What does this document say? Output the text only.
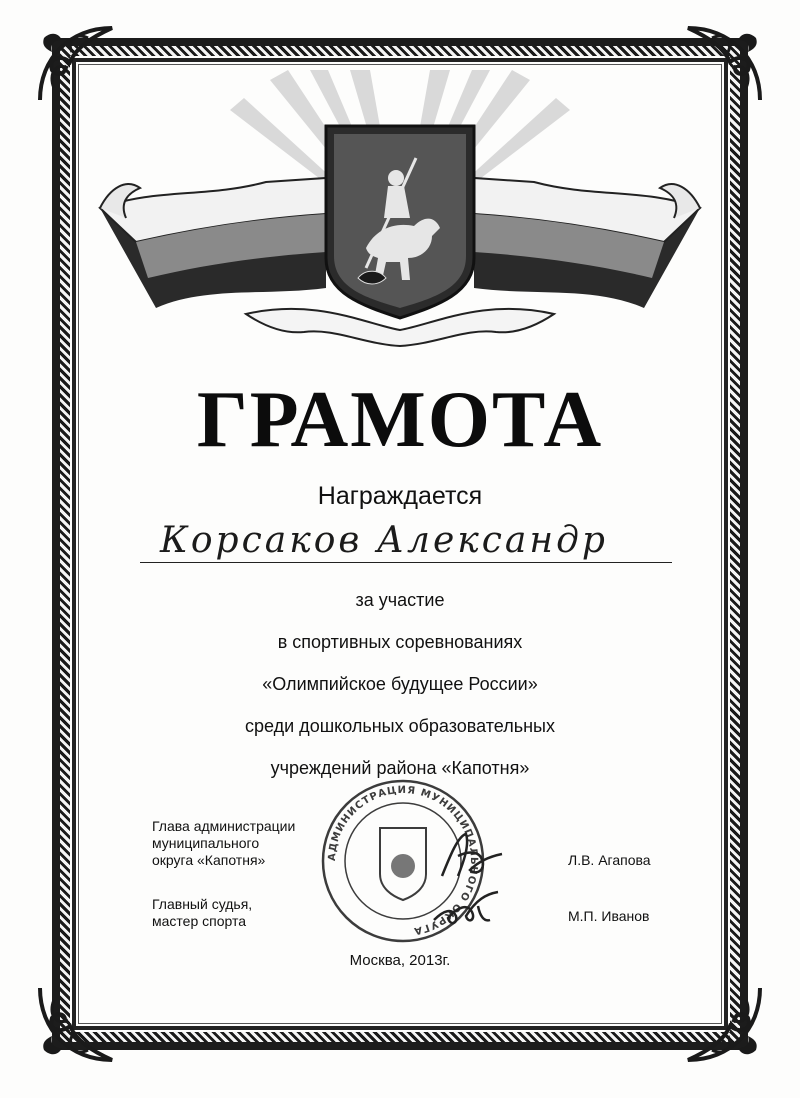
ГРАМОТА
Награждается
Корсаков Александр
за участие
в спортивных соревнованиях
«Олимпийское будущее России»
среди дошкольных образовательных
учреждений района «Капотня»
АДМИНИСТРАЦИЯ МУНИЦИПАЛЬНОГО ОКРУГА
Глава администрации
муниципального
округа «Капотня»	Л.В. Агапова
Главный судья,
мастер спорта	М.П. Иванов
Москва, 2013г.
